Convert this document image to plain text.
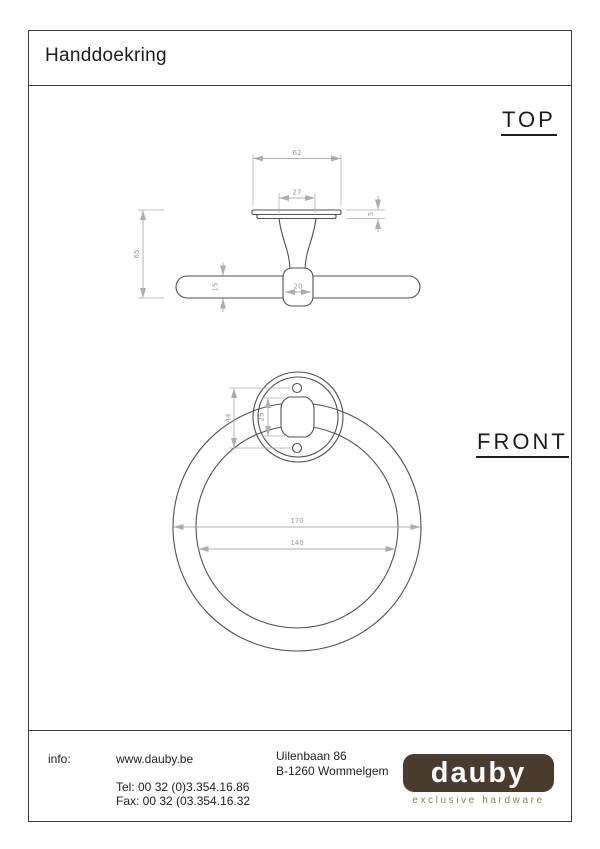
Handdoekring
TOP
FRONT
62
27
5
65
15	20
44	25
170
140
info:	www.dauby.be
Tel: 00 32 (0)3.354.16.86
Fax: 00 32 (03.354.16.32
Uilenbaan 86
B-1260 Wommelgem	dauby
exclusive hardware
